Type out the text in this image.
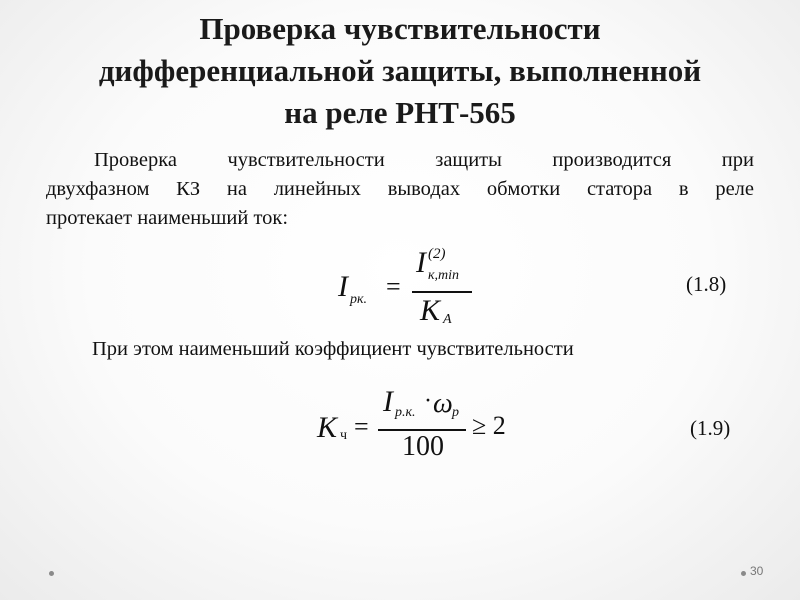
Проверка чувствительности
дифференциальной защиты, выполненной
на реле РНТ-565
Проверка чувствительности защиты производится при
двухфазном КЗ на линейных выводах обмотки статора в реле
протекает наименьший ток:
I рк. =
I (2)
к,min
K A
(1.8)
При этом наименьший коэффициент чувствительности
K ч =
I р.к. · ω р
100
≥ 2	(1.9)
30
